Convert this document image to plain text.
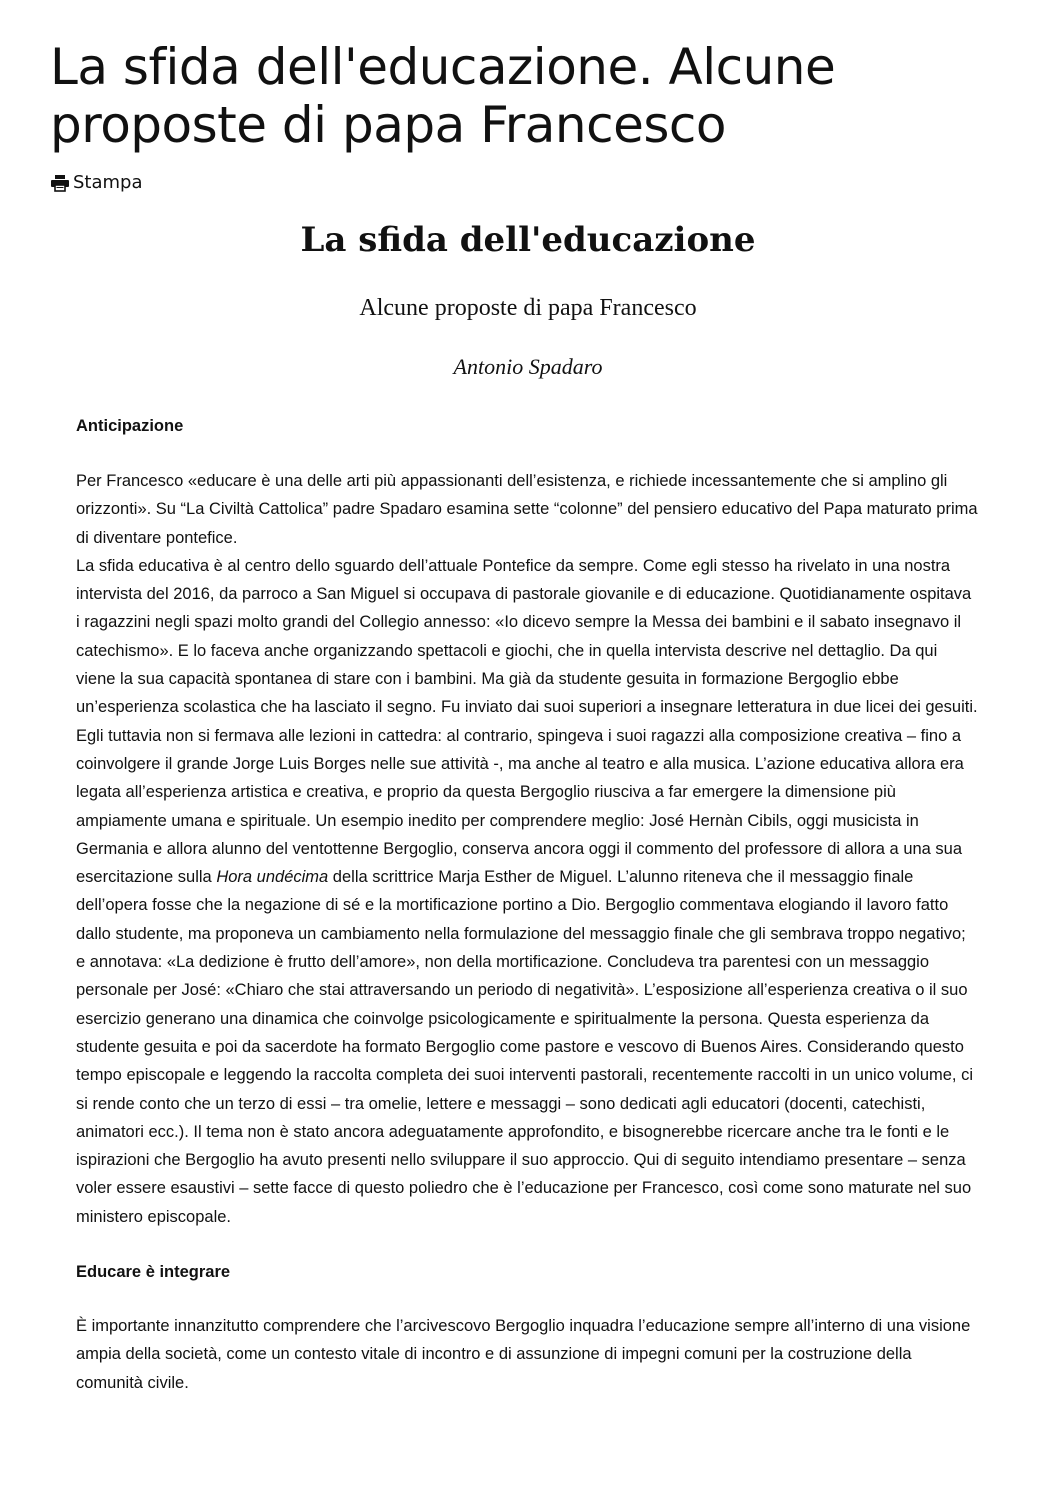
La sfida dell'educazione. Alcune proposte di papa Francesco
Stampa
La sfida dell'educazione
Alcune proposte di papa Francesco
Antonio Spadaro
Anticipazione

Per Francesco «educare è una delle arti più appassionanti dell’esistenza, e richiede incessantemente che si amplino gli orizzonti». Su “La Civiltà Cattolica” padre Spadaro esamina sette “colonne” del pensiero educativo del Papa maturato prima di diventare pontefice.

La sfida educativa è al centro dello sguardo dell’attuale Pontefice da sempre. Come egli stesso ha rivelato in una nostra intervista del 2016, da parroco a San Miguel si occupava di pastorale giovanile e di educazione. Quotidianamente ospitava i ragazzini negli spazi molto grandi del Collegio annesso: «Io dicevo sempre la Messa dei bambini e il sabato insegnavo il catechismo». E lo faceva anche organizzando spettacoli e giochi, che in quella intervista descrive nel dettaglio. Da qui viene la sua capacità spontanea di stare con i bambini. Ma già da studente gesuita in formazione Bergoglio ebbe un’esperienza scolastica che ha lasciato il segno. Fu inviato dai suoi superiori a insegnare letteratura in due licei dei gesuiti. Egli tuttavia non si fermava alle lezioni in cattedra: al contrario, spingeva i suoi ragazzi alla composizione creativa – fino a coinvolgere il grande Jorge Luis Borges nelle sue attività -, ma anche al teatro e alla musica. L’azione educativa allora era legata all’esperienza artistica e creativa, e proprio da questa Bergoglio riusciva a far emergere la dimensione più ampiamente umana e spirituale. Un esempio inedito per comprendere meglio: José Hernàn Cibils, oggi musicista in Germania e allora alunno del ventottenne Bergoglio, conserva ancora oggi il commento del professore di allora a una sua esercitazione sulla Hora undécima della scrittrice Marja Esther de Miguel. L’alunno riteneva che il messaggio finale dell’opera fosse che la negazione di sé e la mortificazione portino a Dio. Bergoglio commentava elogiando il lavoro fatto dallo studente, ma proponeva un cambiamento nella formulazione del messaggio finale che gli sembrava troppo negativo; e annotava: «La dedizione è frutto dell’amore», non della mortificazione. Concludeva tra parentesi con un messaggio personale per José: «Chiaro che stai attraversando un periodo di negatività». L’esposizione all’esperienza creativa o il suo esercizio generano una dinamica che coinvolge psicologicamente e spiritualmente la persona. Questa esperienza da studente gesuita e poi da sacerdote ha formato Bergoglio come pastore e vescovo di Buenos Aires. Considerando questo tempo episcopale e leggendo la raccolta completa dei suoi interventi pastorali, recentemente raccolti in un unico volume, ci si rende conto che un terzo di essi – tra omelie, lettere e messaggi – sono dedicati agli educatori (docenti, catechisti, animatori ecc.). Il tema non è stato ancora adeguatamente approfondito, e bisognerebbe ricercare anche tra le fonti e le ispirazioni che Bergoglio ha avuto presenti nello sviluppare il suo approccio. Qui di seguito intendiamo presentare – senza voler essere esaustivi – sette facce di questo poliedro che è l’educazione per Francesco, così come sono maturate nel suo ministero episcopale.

Educare è integrare

È importante innanzitutto comprendere che l’arcivescovo Bergoglio inquadra l’educazione sempre all’interno di una visione ampia della società, come un contesto vitale di incontro e di assunzione di impegni comuni per la costruzione della comunità civile.
